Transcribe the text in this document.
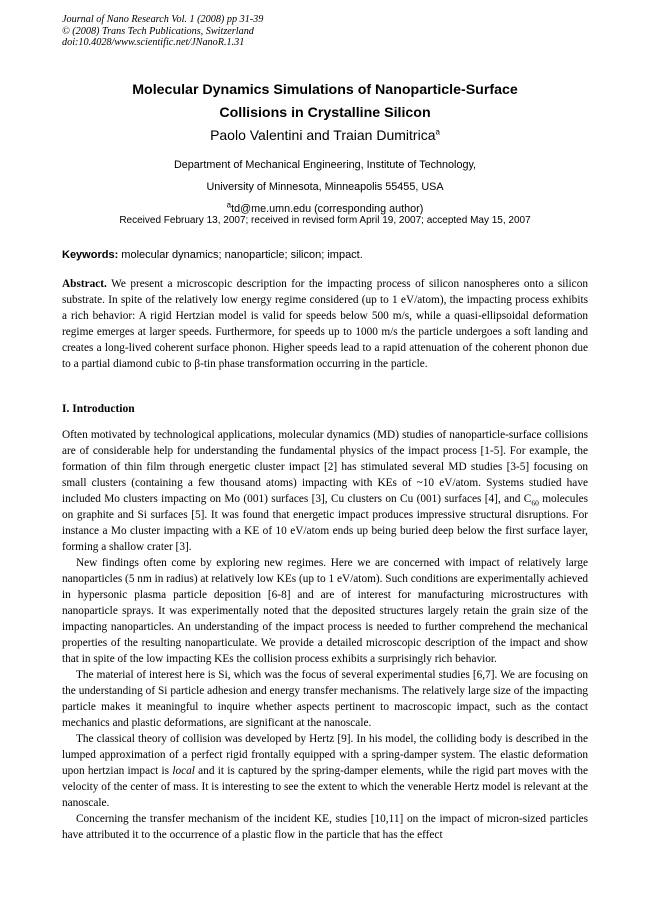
Journal of Nano Research Vol. 1 (2008) pp 31-39
© (2008) Trans Tech Publications, Switzerland
doi:10.4028/www.scientific.net/JNanoR.1.31
Molecular Dynamics Simulations of Nanoparticle-Surface
Collisions in Crystalline Silicon
Paolo Valentini and Traian Dumitrica$^a$
Department of Mechanical Engineering, Institute of Technology,
University of Minnesota, Minneapolis 55455, USA
$^a$td@me.umn.edu (corresponding author)
Received February 13, 2007; received in revised form April 19, 2007; accepted May 15, 2007
Keywords: molecular dynamics; nanoparticle; silicon; impact.
Abstract. We present a microscopic description for the impacting process of silicon nanospheres onto a silicon substrate. In spite of the relatively low energy regime considered (up to 1 eV/atom), the impacting process exhibits a rich behavior: A rigid Hertzian model is valid for speeds below 500 m/s, while a quasi-ellipsoidal deformation regime emerges at larger speeds. Furthermore, for speeds up to 1000 m/s the particle undergoes a soft landing and creates a long-lived coherent surface phonon. Higher speeds lead to a rapid attenuation of the coherent phonon due to a partial diamond cubic to β-tin phase transformation occurring in the particle.
I. Introduction

Often motivated by technological applications, molecular dynamics (MD) studies of nanoparticle-surface collisions are of considerable help for understanding the fundamental physics of the impact process [1-5]. For example, the formation of thin film through energetic cluster impact [2] has stimulated several MD studies [3-5] focusing on small clusters (containing a few thousand atoms) impacting with KEs of ~10 eV/atom. Systems studied have included Mo clusters impacting on Mo (001) surfaces [3], Cu clusters on Cu (001) surfaces [4], and $C_{60}$ molecules on graphite and Si surfaces [5]. It was found that energetic impact produces impressive structural disruptions. For instance a Mo cluster impacting with a KE of 10 eV/atom ends up being buried deep below the first surface layer, forming a shallow crater [3].

New findings often come by exploring new regimes. Here we are concerned with impact of relatively large nanoparticles (5 nm in radius) at relatively low KEs (up to 1 eV/atom). Such conditions are experimentally achieved in hypersonic plasma particle deposition [6-8] and are of interest for manufacturing microstructures with nanoparticle sprays. It was experimentally noted that the deposited structures largely retain the grain size of the impacting nanoparticles. An understanding of the impact process is needed to further comprehend the mechanical properties of the resulting nanoparticulate. We provide a detailed microscopic description of the impact and show that in spite of the low impacting KEs the collision process exhibits a surprisingly rich behavior.

The material of interest here is Si, which was the focus of several experimental studies [6,7]. We are focusing on the understanding of Si particle adhesion and energy transfer mechanisms. The relatively large size of the impacting particle makes it meaningful to inquire whether aspects pertinent to macroscopic impact, such as the contact mechanics and plastic deformations, are significant at the nanoscale.

The classical theory of collision was developed by Hertz [9]. In his model, the colliding body is described in the lumped approximation of a perfect rigid frontally equipped with a spring-damper system. The elastic deformation upon hertzian impact is local and it is captured by the spring-damper elements, while the rigid part moves with the velocity of the center of mass. It is interesting to see the extent to which the venerable Hertz model is relevant at the nanoscale.

Concerning the transfer mechanism of the incident KE, studies [10,11] on the impact of micron-sized particles have attributed it to the occurrence of a plastic flow in the particle that has the effect
